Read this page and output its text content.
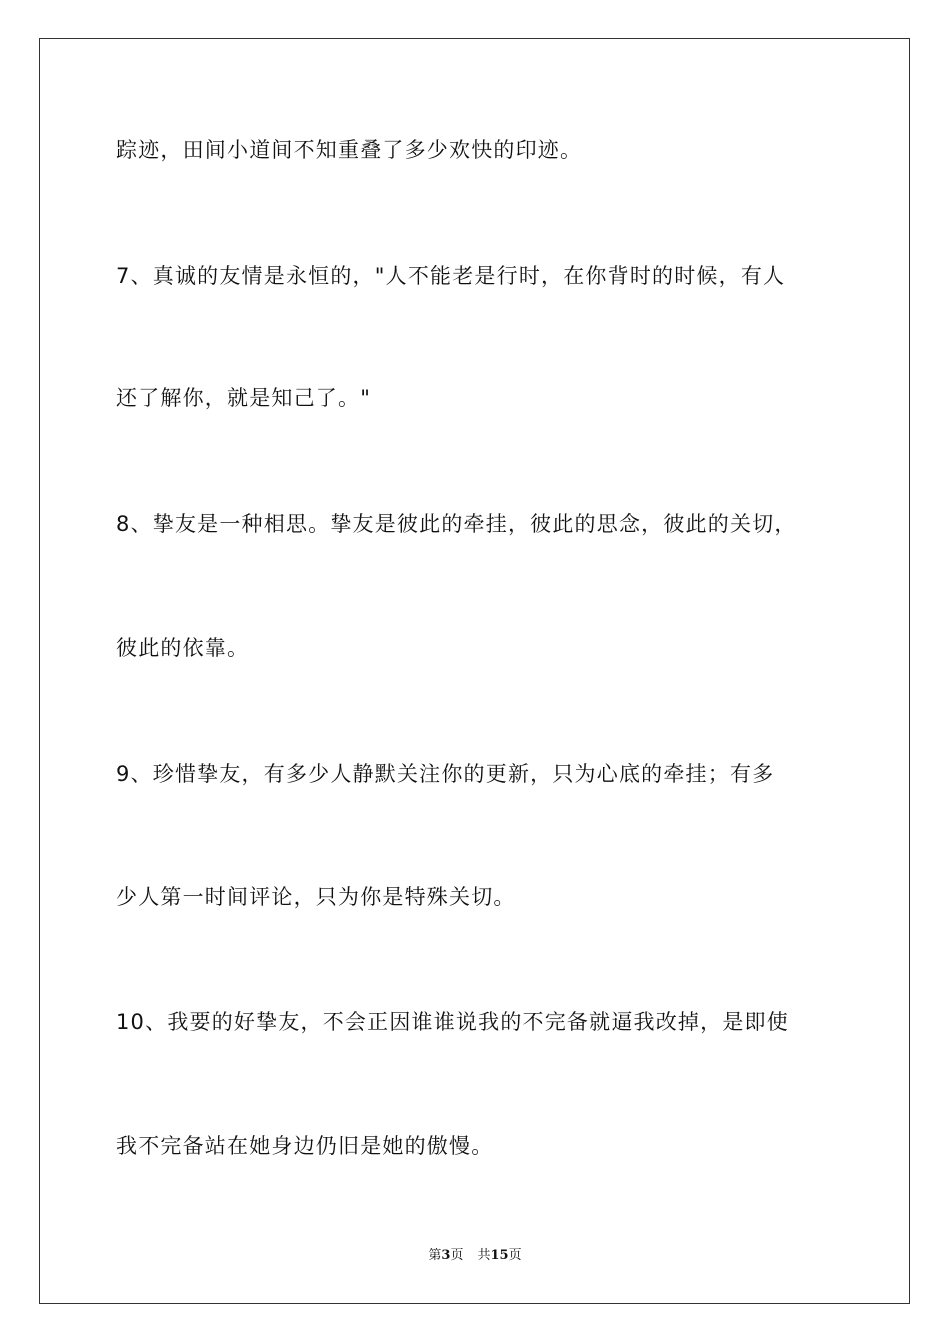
踪迹，田间小道间不知重叠了多少欢快的印迹。
7、真诚的友情是永恒的，"人不能老是行时，在你背时的时候，有人
还了解你，就是知己了。"
8、挚友是一种相思。挚友是彼此的牵挂，彼此的思念，彼此的关切，
彼此的依靠。
9、珍惜挚友，有多少人静默关注你的更新，只为心底的牵挂；有多
少人第一时间评论，只为你是特殊关切。
10、我要的好挚友，不会正因谁谁说我的不完备就逼我改掉，是即使
我不完备站在她身边仍旧是她的傲慢。
第3页 共15页
